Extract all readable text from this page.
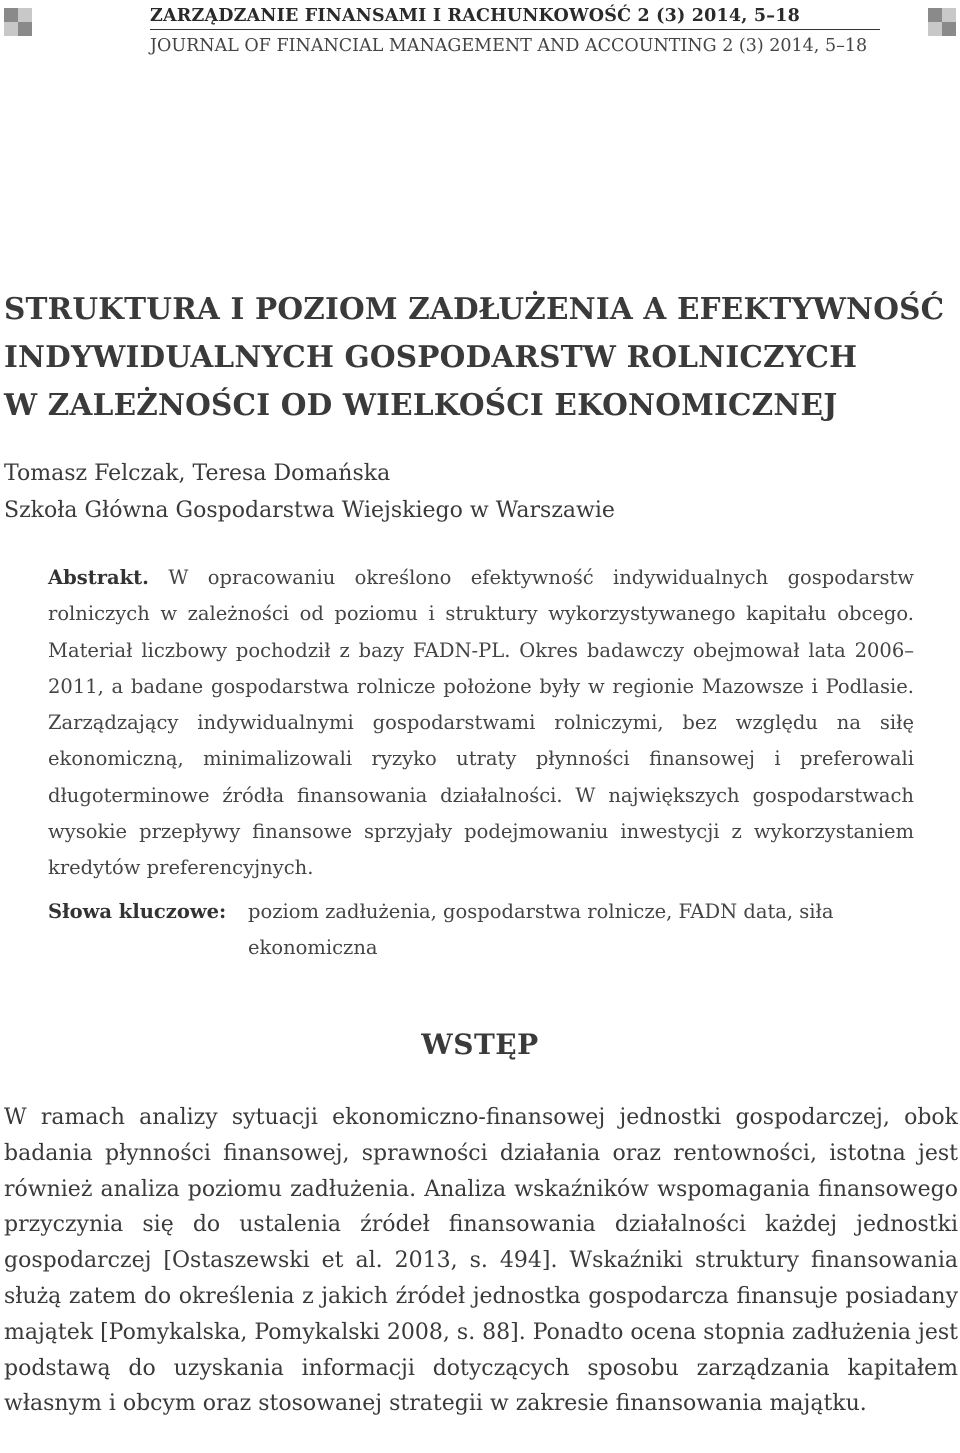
ZARZĄDZANIE FINANSAMI I RACHUNKOWOŚĆ 2 (3) 2014, 5–18
JOURNAL OF FINANCIAL MANAGEMENT AND ACCOUNTING 2 (3) 2014, 5–18
STRUKTURA I POZIOM ZADŁUŻENIA A EFEKTYWNOŚĆ
INDYWIDUALNYCH GOSPODARSTW ROLNICZYCH
W ZALEŻNOŚCI OD WIELKOŚCI EKONOMICZNEJ
Tomasz Felczak, Teresa Domańska
Szkoła Główna Gospodarstwa Wiejskiego w Warszawie

Abstrakt. W opracowaniu określono efektywność indywidualnych gospodarstw rolniczych w zależności od poziomu i struktury wykorzystywanego kapitału obcego. Materiał liczbowy pochodził z bazy FADN-PL. Okres badawczy obejmował lata 2006–2011, a badane gospodarstwa rolnicze położone były w regionie Mazowsze i Podlasie. Zarządzający indywidualnymi gospodarstwami rolniczymi, bez względu na siłę ekonomiczną, minimalizowali ryzyko utraty płynności finansowej i preferowali długoterminowe źródła finansowania działalności. W największych gospodarstwach wysokie przepływy finansowe sprzyjały podejmowaniu inwestycji z wykorzystaniem kredytów preferencyjnych.

Słowa kluczowe: poziom zadłużenia, gospodarstwa rolnicze, FADN data, siła ekonomiczna
WSTĘP

W ramach analizy sytuacji ekonomiczno-finansowej jednostki gospodarczej, obok badania płynności finansowej, sprawności działania oraz rentowności, istotna jest również analiza poziomu zadłużenia. Analiza wskaźników wspomagania finansowego przyczynia się do ustalenia źródeł finansowania działalności każdej jednostki gospodarczej [Ostaszewski et al. 2013, s. 494]. Wskaźniki struktury finansowania służą zatem do określenia z jakich źródeł jednostka gospodarcza finansuje posiadany majątek [Pomykalska, Pomykalski 2008, s. 88]. Ponadto ocena stopnia zadłużenia jest podstawą do uzyskania informacji dotyczących sposobu zarządzania kapitałem własnym i obcym oraz stosowanej strategii w zakresie finansowania majątku.
